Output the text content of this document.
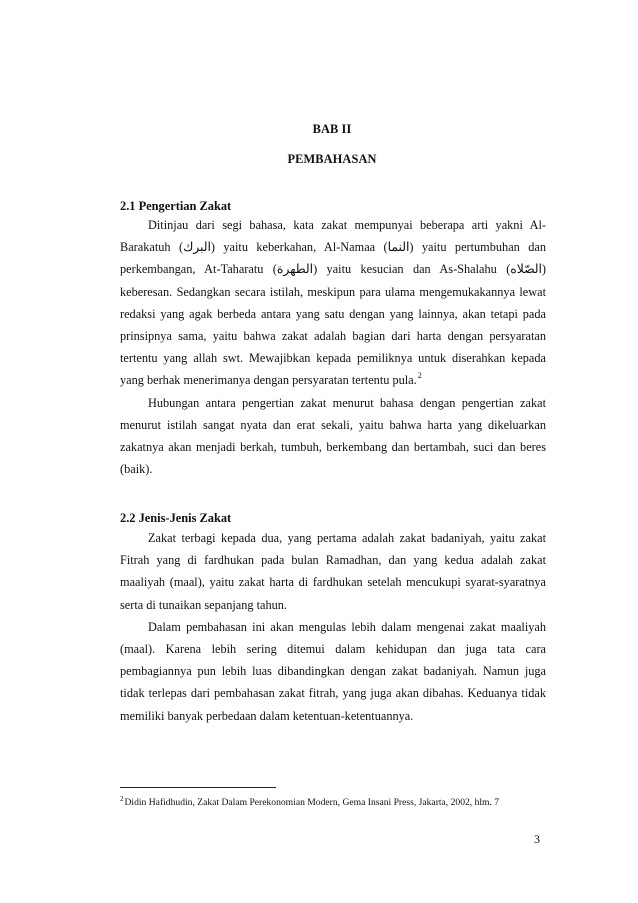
BAB II
PEMBAHASAN
2.1 Pengertian Zakat

Ditinjau dari segi bahasa, kata zakat mempunyai beberapa arti yakni Al-Barakatuh (البرك) yaitu keberkahan, Al-Namaa (النما) yaitu pertumbuhan dan perkembangan, At-Taharatu (الطهرة) yaitu kesucian dan As-Shalahu (الصّلاه) keberesan. Sedangkan secara istilah, meskipun para ulama mengemukakannya lewat redaksi yang agak berbeda antara yang satu dengan yang lainnya, akan tetapi pada prinsipnya sama, yaitu bahwa zakat adalah bagian dari harta dengan persyaratan tertentu yang allah swt. Mewajibkan kepada pemiliknya untuk diserahkan kepada yang berhak menerimanya dengan persyaratan tertentu pula.$^2$

Hubungan antara pengertian zakat menurut bahasa dengan pengertian zakat menurut istilah sangat nyata dan erat sekali, yaitu bahwa harta yang dikeluarkan zakatnya akan menjadi berkah, tumbuh, berkembang dan bertambah, suci dan beres (baik).

2.2 Jenis-Jenis Zakat

Zakat terbagi kepada dua, yang pertama adalah zakat badaniyah, yaitu zakat Fitrah yang di fardhukan pada bulan Ramadhan, dan yang kedua adalah zakat maaliyah (maal), yaitu zakat harta di fardhukan setelah mencukupi syarat-syaratnya serta di tunaikan sepanjang tahun.

Dalam pembahasan ini akan mengulas lebih dalam mengenai zakat maaliyah (maal). Karena lebih sering ditemui dalam kehidupan dan juga tata cara pembagiannya pun lebih luas dibandingkan dengan zakat badaniyah. Namun juga tidak terlepas dari pembahasan zakat fitrah, yang juga akan dibahas. Keduanya tidak memiliki banyak perbedaan dalam ketentuan-ketentuannya.

$^2$Didin Hafidhudin, Zakat Dalam Perekonomian Modern, Gema Insani Press, Jakarta, 2002, hlm. 7
3
